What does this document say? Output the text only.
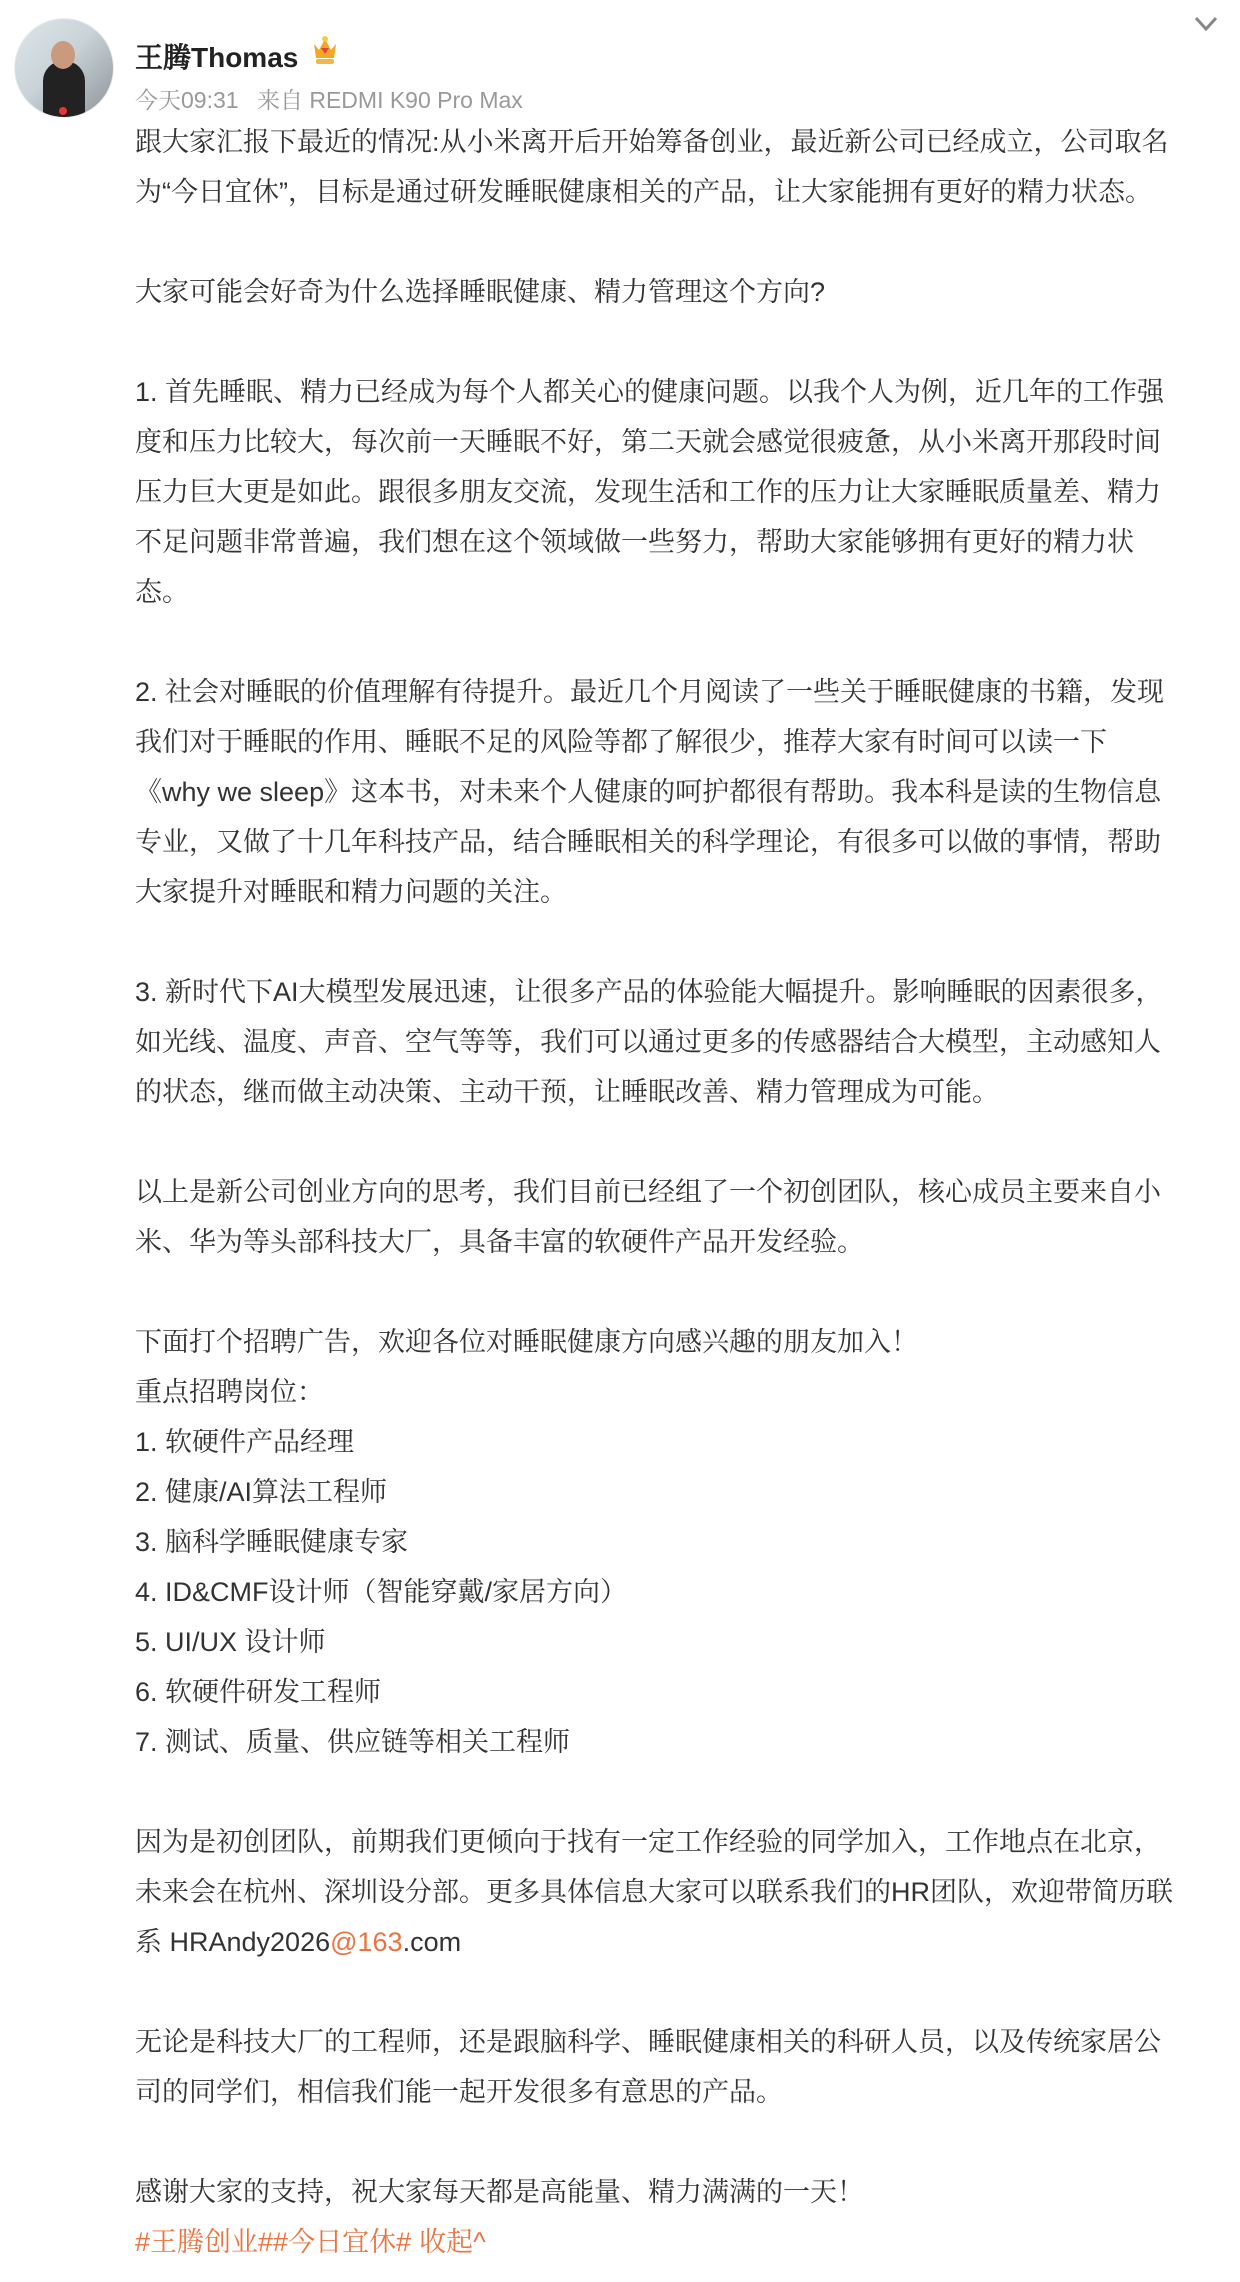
王腾Thomas
今天09:31 来自 REDMI K90 Pro Max
跟大家汇报下最近的情况:从小米离开后开始筹备创业，最近新公司已经成立，公司取名
为“今日宜休”，目标是通过研发睡眠健康相关的产品，让大家能拥有更好的精力状态。
大家可能会好奇为什么选择睡眠健康、精力管理这个方向?
1. 首先睡眠、精力已经成为每个人都关心的健康问题。以我个人为例，近几年的工作强
度和压力比较大，每次前一天睡眠不好，第二天就会感觉很疲惫，从小米离开那段时间
压力巨大更是如此。跟很多朋友交流，发现生活和工作的压力让大家睡眠质量差、精力
不足问题非常普遍，我们想在这个领域做一些努力，帮助大家能够拥有更好的精力状
态。
2. 社会对睡眠的价值理解有待提升。最近几个月阅读了一些关于睡眠健康的书籍，发现
我们对于睡眠的作用、睡眠不足的风险等都了解很少，推荐大家有时间可以读一下
《why we sleep》这本书，对未来个人健康的呵护都很有帮助。我本科是读的生物信息
专业，又做了十几年科技产品，结合睡眠相关的科学理论，有很多可以做的事情，帮助
大家提升对睡眠和精力问题的关注。
3. 新时代下AI大模型发展迅速，让很多产品的体验能大幅提升。影响睡眠的因素很多，
如光线、温度、声音、空气等等，我们可以通过更多的传感器结合大模型，主动感知人
的状态，继而做主动决策、主动干预，让睡眠改善、精力管理成为可能。
以上是新公司创业方向的思考，我们目前已经组了一个初创团队，核心成员主要来自小
米、华为等头部科技大厂，具备丰富的软硬件产品开发经验。
下面打个招聘广告，欢迎各位对睡眠健康方向感兴趣的朋友加入！
重点招聘岗位：
1. 软硬件产品经理
2. 健康/AI算法工程师
3. 脑科学睡眠健康专家
4. ID&CMF设计师（智能穿戴/家居方向）
5. UI/UX 设计师
6. 软硬件研发工程师
7. 测试、质量、供应链等相关工程师
因为是初创团队，前期我们更倾向于找有一定工作经验的同学加入，工作地点在北京，
未来会在杭州、深圳设分部。更多具体信息大家可以联系我们的HR团队，欢迎带简历联
系 HRAndy2026@163.com
无论是科技大厂的工程师，还是跟脑科学、睡眠健康相关的科研人员，以及传统家居公
司的同学们，相信我们能一起开发很多有意思的产品。
感谢大家的支持，祝大家每天都是高能量、精力满满的一天！
#王腾创业##今日宜休# 收起^
